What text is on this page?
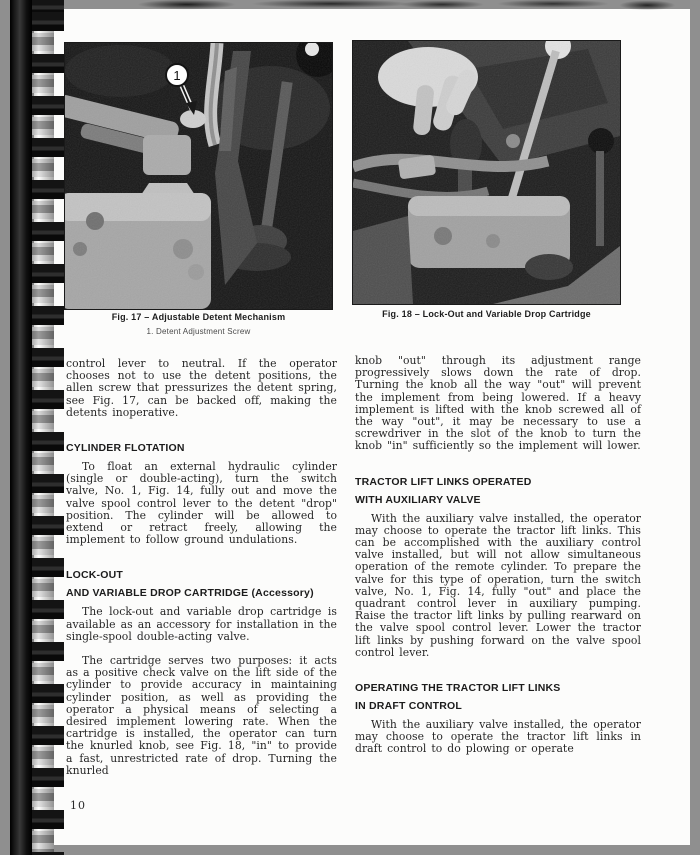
1
Fig. 17 – Adjustable Detent Mechanism
1. Detent Adjustment Screw
Fig. 18 – Lock-Out and Variable Drop Cartridge

control lever to neutral. If the operator chooses not to use the detent positions, the allen screw that pressurizes the detent spring, see Fig. 17, can be backed off, making the detents inoperative.

CYLINDER FLOTATION

To float an external hydraulic cylinder (single or double-acting), turn the switch valve, No. 1, Fig. 14, fully out and move the valve spool control lever to the detent "drop" position. The cylinder will be allowed to extend or retract freely, allowing the implement to follow ground undulations.

LOCK-OUT
AND VARIABLE DROP CARTRIDGE (Accessory)

The lock-out and variable drop cartridge is available as an accessory for installation in the single-spool double-acting valve.

The cartridge serves two purposes: it acts as a positive check valve on the lift side of the cylinder to provide accuracy in maintaining cylinder position, as well as providing the operator a physical means of selecting a desired implement lowering rate. When the cartridge is installed, the operator can turn the knurled knob, see Fig. 18, "in" to provide a fast, unrestricted rate of drop. Turning the knurled

knob "out" through its adjustment range progressively slows down the rate of drop. Turning the knob all the way "out" will prevent the implement from being lowered. If a heavy implement is lifted with the knob screwed all of the way "out", it may be necessary to use a screwdriver in the slot of the knob to turn the knob "in" sufficiently so the implement will lower.

TRACTOR LIFT LINKS OPERATED
WITH AUXILIARY VALVE

With the auxiliary valve installed, the operator may choose to operate the tractor lift links. This can be accomplished with the auxiliary control valve installed, but will not allow simultaneous operation of the remote cylinder. To prepare the valve for this type of operation, turn the switch valve, No. 1, Fig. 14, fully "out" and place the quadrant control lever in auxiliary pumping. Raise the tractor lift links by pulling rearward on the valve spool control lever. Lower the tractor lift links by pushing forward on the valve spool control lever.

OPERATING THE TRACTOR LIFT LINKS
IN DRAFT CONTROL

With the auxiliary valve installed, the operator may choose to operate the tractor lift links in draft control to do plowing or operate

10
